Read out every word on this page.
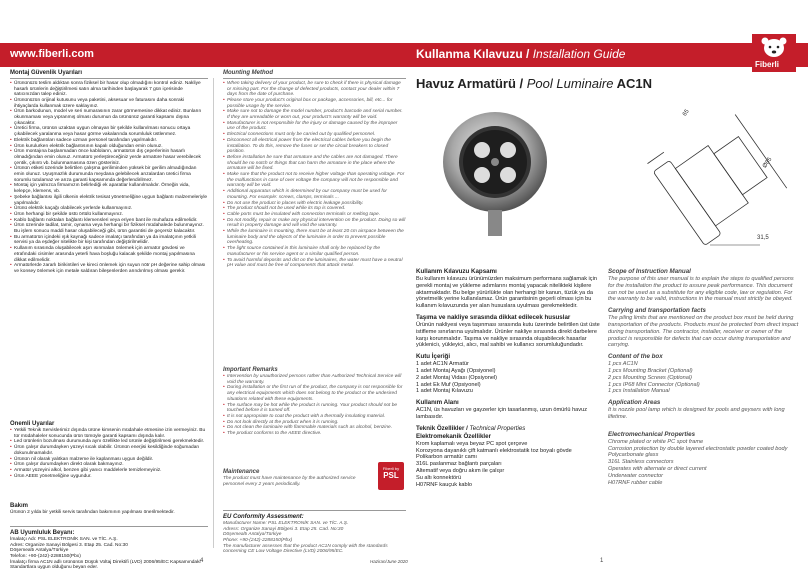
www.fiberli.com	Kullanma Kılavuzu / Installation Guide
Fiberli
Montaj Güvenlik Uyarıları
• Ürününüzü teslim aldıktan sonra fiziksel bir hasar olup olmadığını kontrol ediniz. Nakliye hasarlı ürünlerin değiştirilmesi satın alma tarihinden başlayarak 7 gün içerisinde satıcınızdan talep ediniz.
• Ürününüzün orijinal kutusunu veya paketini, aksesuar ve faturasını daha sonraki ihtiyaçlarda kullanmak üzere saklayınız.
• Ürün barkodunun, model ve seri numarasının zarar görmemesine dikkat ediniz. Bunların okunmaması veya yıpranmış olması durumun da ürününüz garanti kapsamı dışına çıkacaktır.
• Üretici firma, ürünün uzaktan uygun olmayan bir şekilde kullanılması sonucu ortaya çıkabilecek yaralanma veya hasar görme vakalarında sorumluluk üstlenmez.
• Elektrik bağlantıları sadece uzman personel tarafından yapılmalıdır.
• Ürün kurulurken elektrik bağlantısının kapalı olduğundan emin olunuz.
• Ürün montajına başlanmadan önce kabloların, armatürün dış çeperlerinin hasarlı olmadığından emin olunuz. Armatürü yerleştireceğiniz yerde armatüre hasar verebilecek çentik, çıkıntı vb. bulunmamasına özen gösteriniz.
• Ürünün etiketi üzerinde belirtilen çalışma geriliminden yüksek bir gerilim almadığından emin olunuz. Uyuşmazlık durumunda meydana gelebilecek arızalardan üretici firma sorumlu tutulamaz ve arıza garanti kapsamında değerlendirilmez.
• Montaj için yalnızca firmamızın belirlediği ek aparatlar kullanılmalıdır. Örneğin vida, kelepçe, klemens, vb.
• Şebeke bağlantısı ilgili ülkenin elektrik tesisat yönetmeliğine uygun bağlantı malzemeleriyle yapılmalıdır.
• Ürünü elektrik kaçağı olabilecek yerlerde kullanmayınız.
• Ürün herhangi bir şekilde üstü örtülü kullanmayınız.
• Kablo bağlantı noktaları bağlantı klemensleri veya eriyen bant ile muhafaza edilmelidir.
• Ürün üzerinde tadilat, tamir, oynama veya herhangi bir fiziksel müdahalede bulunmayınız. Bu işlem sonucu maddi hasar oluşabileceği gibi, ürün garantisi de geçersiz kalacaktır.
• Bu armatürün içindeki ışık kaynağı sadece imalatçı tarafından ya da imalatçının yetkili servisi ya da eşdeğer nitelikte bir kişi tarafından değiştirilmelidir.
• Kullanım sırasında oluşabilecek aşırı ısınmaları önlemek için armatür gövdesi ve etrafındaki cisimler arasında yeterli hava boşluğu kalacak şekilde montaj yapılmasına dikkat edilmelidir.
• Armatürlerde zararlı birikintileri ve kireci önlemek için suyun nötr pH değerine sahip olması ve konsey önlemek için metale saldıran bileşenlerden arındırılmış olması gerekir.
Önemli Uyarılar
• Yetkili Teknik Servislerimiz dışında ürüne kimsenin müdahale etmesine izin vermeyiniz. Bu tür müdahaleler sonucunda ürün tümüyle garanti kapsamı dışında kalır.
• Led ürünlerin bozulması durumunda aynı özellikte led ürünle değiştirilmesi gerekmektedir.
• Ürün çalışır durumdayken yüzeyi sıcak olabilir. Ürünün enerjisi kesildiğinde soğumadan dokunulmamalıdır.
• Ürünün nil olarak yalıtkan malzeme ile kaplanması uygun değildir.
• Ürün çalışır durumdayken direkt olarak bakmayınız.
• Armatür yüzeyini alkol, benzen gibi yanıcı maddelerle temizlemeyiniz.
• Ürün AEEE yönetmeliğine uygundur.
Bakım

Ürünün 2 yılda bir yetkili servis tarafından bakımının yapılması önerilmektedir.

AB Uyumluluk Beyanı:

İmalatçı Adı: PSL ELEKTRONİK SAN. ve TİC. A.Ş.

Adres: Organize Sanayi Bölgesi 3. Etap 25. Cad. No:30

Döşemealtı Antalya/Türkiye

Telefon: +90-(242)-2288150(Pbx)

İmalatçı firma AC1N adlı ürününün Düşük Voltaj Direktifi (LVD) 2006/95/EC Kapsamındaki Standartlara uygun olduğunu beyan eder.

Mounting Method
• When taking delivery of your product, be sure to check if there is physical damage or missing part. For the change of defected products, contact your dealer within 7 days from the date of purchase.
• Please store your product's original box or package, accessories, bill, etc... for possible usage by the service.
• Make sure not to damage the model number, product's barcode and serial number. If they are unreadable or worn out, your product's warranty will be void.
• Manufacturer is not responsible for the injury or damage caused by the improper use of the product.
• Electrical connections must only be carried out by qualified personnel.
• Disconnect all electrical power from the electrical cables before you begin the installation. To do this, remove the fuses or set the circuit breakers to closed position.
• Before installation be sure that armature and the cables are not damaged. There should be no notch or things that can harm the armature in the place where the armature will be fixed.
• Make sure that the product not to receive higher voltage than operating voltage. For the malfunctions in case of over voltage the company will not be responsible and warranty will be void.
• Additional apparatus which is determined by our company must be used for mounting. For example: screws, clamps, terminals ...
• Do not use the product in places with electric leakage possibility.
• The product should not be used while its top is covered.
• Cable ports must be insulated with connection terminals or melting tape.
• Do not modify, repair or make any physical intervention on the product. Doing so will result in property damage and will void the warranty.
• While the luminaire is mounting, there must be at least 20 cm airspace between the luminaire body and the objects of the luminaire in order to prevent possible overheating.
• The light source contained in this luminaire shall only be replaced by the manufacturer or his service agent or a similar qualified person.
• To avoid harmful deposits and dirt on the luminaires, the water must have a neutral pH value and must be free of components that attack metal.
Important Remarks
• Intervention by unauthorized persons rather than Authorized Technical Service will void the warranty.
• During installation or the first run of the product, the company is not responsible for any electrical equipments which does not belong to the product or the undesired situations related with these equipments.
• The surface may be hot while the product is running. Your product should not be touched before it is turned off.
• It is not appropriate to coat the product with a thermally insulating material.
• Do not look directly at the product when it is running.
• Do not clean the luminaire with flammable materials such as alcohol, benzine.
• The product conforms to the AEEE directive.
Maintenance

The product must have maintenance by the authorized service personnel every 2 years periodically.

Fiberli by
PSL
EU Conformity Assessment:

Manufacturer Name: PSL ELEKTRONİK SAN. ve TİC. A.Ş.

Adress: Organize Sanayi Bölgesi 3. Etap 25. Cad. No:30

Döşemealtı Antalya/Türkiye

Phone: +90-(242)-2288150(Pbx)

The manufacturer assesses that the product AC1N comply with the standards concerning CE Low Voltage Directive (LVD) 2006/95/EC.

4	Haziran/June 2020
Havuz Armatürü / Pool Luminaire AC1N
65
Ø85
31,5
Kullanım Kılavuzu Kapsamı

Bu kullanım kılavuzu ürünümüzden maksimum performans sağlamak için gerekli montaj ve yükleme adımlarını montaj yapacak nitelikteki kişilere aktarmaktadır. Bu belge yürürlükte olan herhangi bir kanun, tüzük ya da yönetmelik yerine kullanılamaz. Ürün garantisinin geçerli olması için bu kullanım kılavuzunda yer alan hususlara uyulması gerekmektedir.

Taşıma ve nakliye sırasında dikkat edilecek hususlar

Ürünün nakliyesi veya taşınması sırasında kutu üzerinde belirtilen üst üste istifleme sınırlarına uyulmalıdır. Ürünler nakliye sırasında direkt darbelere karşı korunmalıdır. Taşıma ve nakliye sırasında oluşabilecek hasarlar yükleniciı, yükleyici, alıcı, mal sahibi ve kullanıcı sorumluluğundadır.

Kutu İçeriği

1 adet AC1N Armatür

1 adet Montaj Ayağı (Opsiyonel)

2 adet Montaj Vidası (Opsiyonel)

1 adet Ek Muf (Opsiyonel)

1 adet Montaj Kılavuzu

Kullanım Alanı

AC1N, üs havuzları ve gayzerler için tasarlanmış, uzun ömürlü havuz lambasıdır.

Teknik Özellikler / Technical Properties
Elektromekanik Özellikler

Krom kaplamalı veya beyaz PC spot çerçeve

Korozyona dayanıklı çift katmanlı elektrostatik toz boyalı gövde

Polikarbon armatür camı

316L paslanmaz bağlantı parçaları

Altematif veya doğru akım ile çalışır

Su altı konnektörü

H07RNF kauçuk kablo

Scope of Instruction Manual

The purpose of this user manual is to explain the steps to qualified persons for the installation the product to assure peak performance. This document can not be used as a substitute for any eligible code, law or regulation. For the warranty to be valid, instructions in the manual must strictly be obeyed.

Carrying and transportation facts

The piling limits that are mentioned on the product box must be held during transportation of the products. Products must be protected from direct impact during transportation. The contractor, installer, receiver or owner of the product is responsible for defects that can occur during transportation and carrying.

Content of the box

1 pcs AC1N

1 pcs Mounting Bracket (Optional)

2 pcs Mounting Screws (Optional)

1 pcs IP68 Mini Connector (Optional)

1 pcs Installation Manual

Application Areas

It is nozzle pool lamp which is designed for pools and geysers with long lifetime.

Electromechanical Properties

Chrome plated or white PC spot frame

Corrosion protection by double layered electrostatic powder coated body

Polycarbonate glass

316L Stainless connectors

Operates with alternate or direct current

Underwater connector

H07RNF rubber cable

1
